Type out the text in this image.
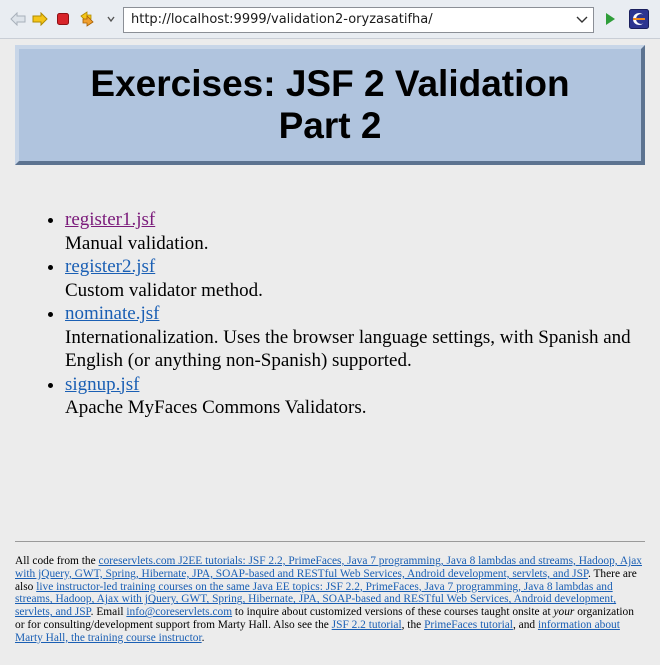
http://localhost:9999/validation2-oryzasatifha/
Exercises: JSF 2 Validation Part 2
• register1.jsf
Manual validation.
• register2.jsf
Custom validator method.
• nominate.jsf
Internationalization. Uses the browser language settings, with Spanish and English (or anything non-Spanish) supported.
• signup.jsf
Apache MyFaces Commons Validators.
All code from the coreservlets.com J2EE tutorials: JSF 2.2, PrimeFaces, Java 7 programming, Java 8 lambdas and streams, Hadoop, Ajax with jQuery, GWT, Spring, Hibernate, JPA, SOAP-based and RESTful Web Services, Android development, servlets, and JSP. There are also live instructor-led training courses on the same Java EE topics: JSF 2.2, PrimeFaces, Java 7 programming, Java 8 lambdas and streams, Hadoop, Ajax with jQuery, GWT, Spring, Hibernate, JPA, SOAP-based and RESTful Web Services, Android development, servlets, and JSP. Email info@coreservlets.com to inquire about customized versions of these courses taught onsite at your organization or for consulting/development support from Marty Hall. Also see the JSF 2.2 tutorial, the PrimeFaces tutorial, and information about Marty Hall, the training course instructor.
